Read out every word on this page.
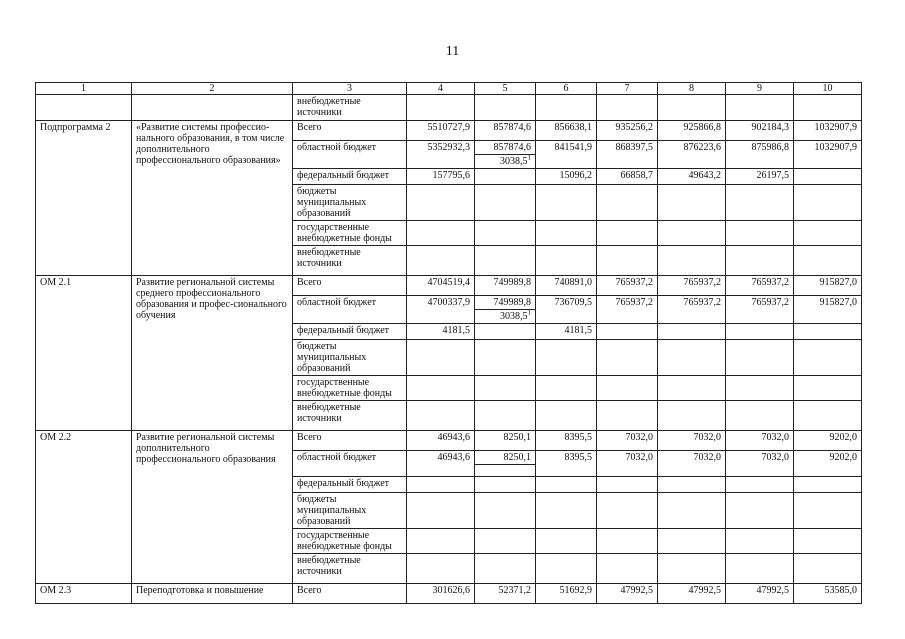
11
1	2	3	4	5	6	7	8	9	10
		внебюджетные источники							
Подпрограмма 2	«Развитие системы профессио-нального образования, в том числе дополнительного профессионального образования»	Всего	5510727,9	857874,6	856638,1	935256,2	925866,8	902184,3	1032907,9
		областной бюджет	5352932,3	857874,6	841541,9	868397,5	876223,6	875986,8	1032907,9
				3038,5$^1$
		федеральный бюджет	157795,6		15096,2	66858,7	49643,2	26197,5	
		бюджеты муниципальных образований							
		государственные внебюджетные фонды							
		внебюджетные источники							
ОМ 2.1	Развитие региональной системы среднего профессионального образования и профес-сионального обучения	Всего	4704519,4	749989,8	740891,0	765937,2	765937,2	765937,2	915827,0
		областной бюджет	4700337,9	749989,8	736709,5	765937,2	765937,2	765937,2	915827,0
				3038,5$^1$
		федеральный бюджет	4181,5		4181,5				
		бюджеты муниципальных образований							
		государственные внебюджетные фонды							
		внебюджетные источники							
ОМ 2.2	Развитие региональной системы дополнительного профессионального образования	Всего	46943,6	8250,1	8395,5	7032,0	7032,0	7032,0	9202,0
		областной бюджет	46943,6	8250,1	8395,5	7032,0	7032,0	7032,0	9202,0

		федеральный бюджет							
		бюджеты муниципальных образований							
		государственные внебюджетные фонды							
		внебюджетные источники							
ОМ 2.3	Переподготовка и повышение	Всего	301626,6	52371,2	51692,9	47992,5	47992,5	47992,5	53585,0
